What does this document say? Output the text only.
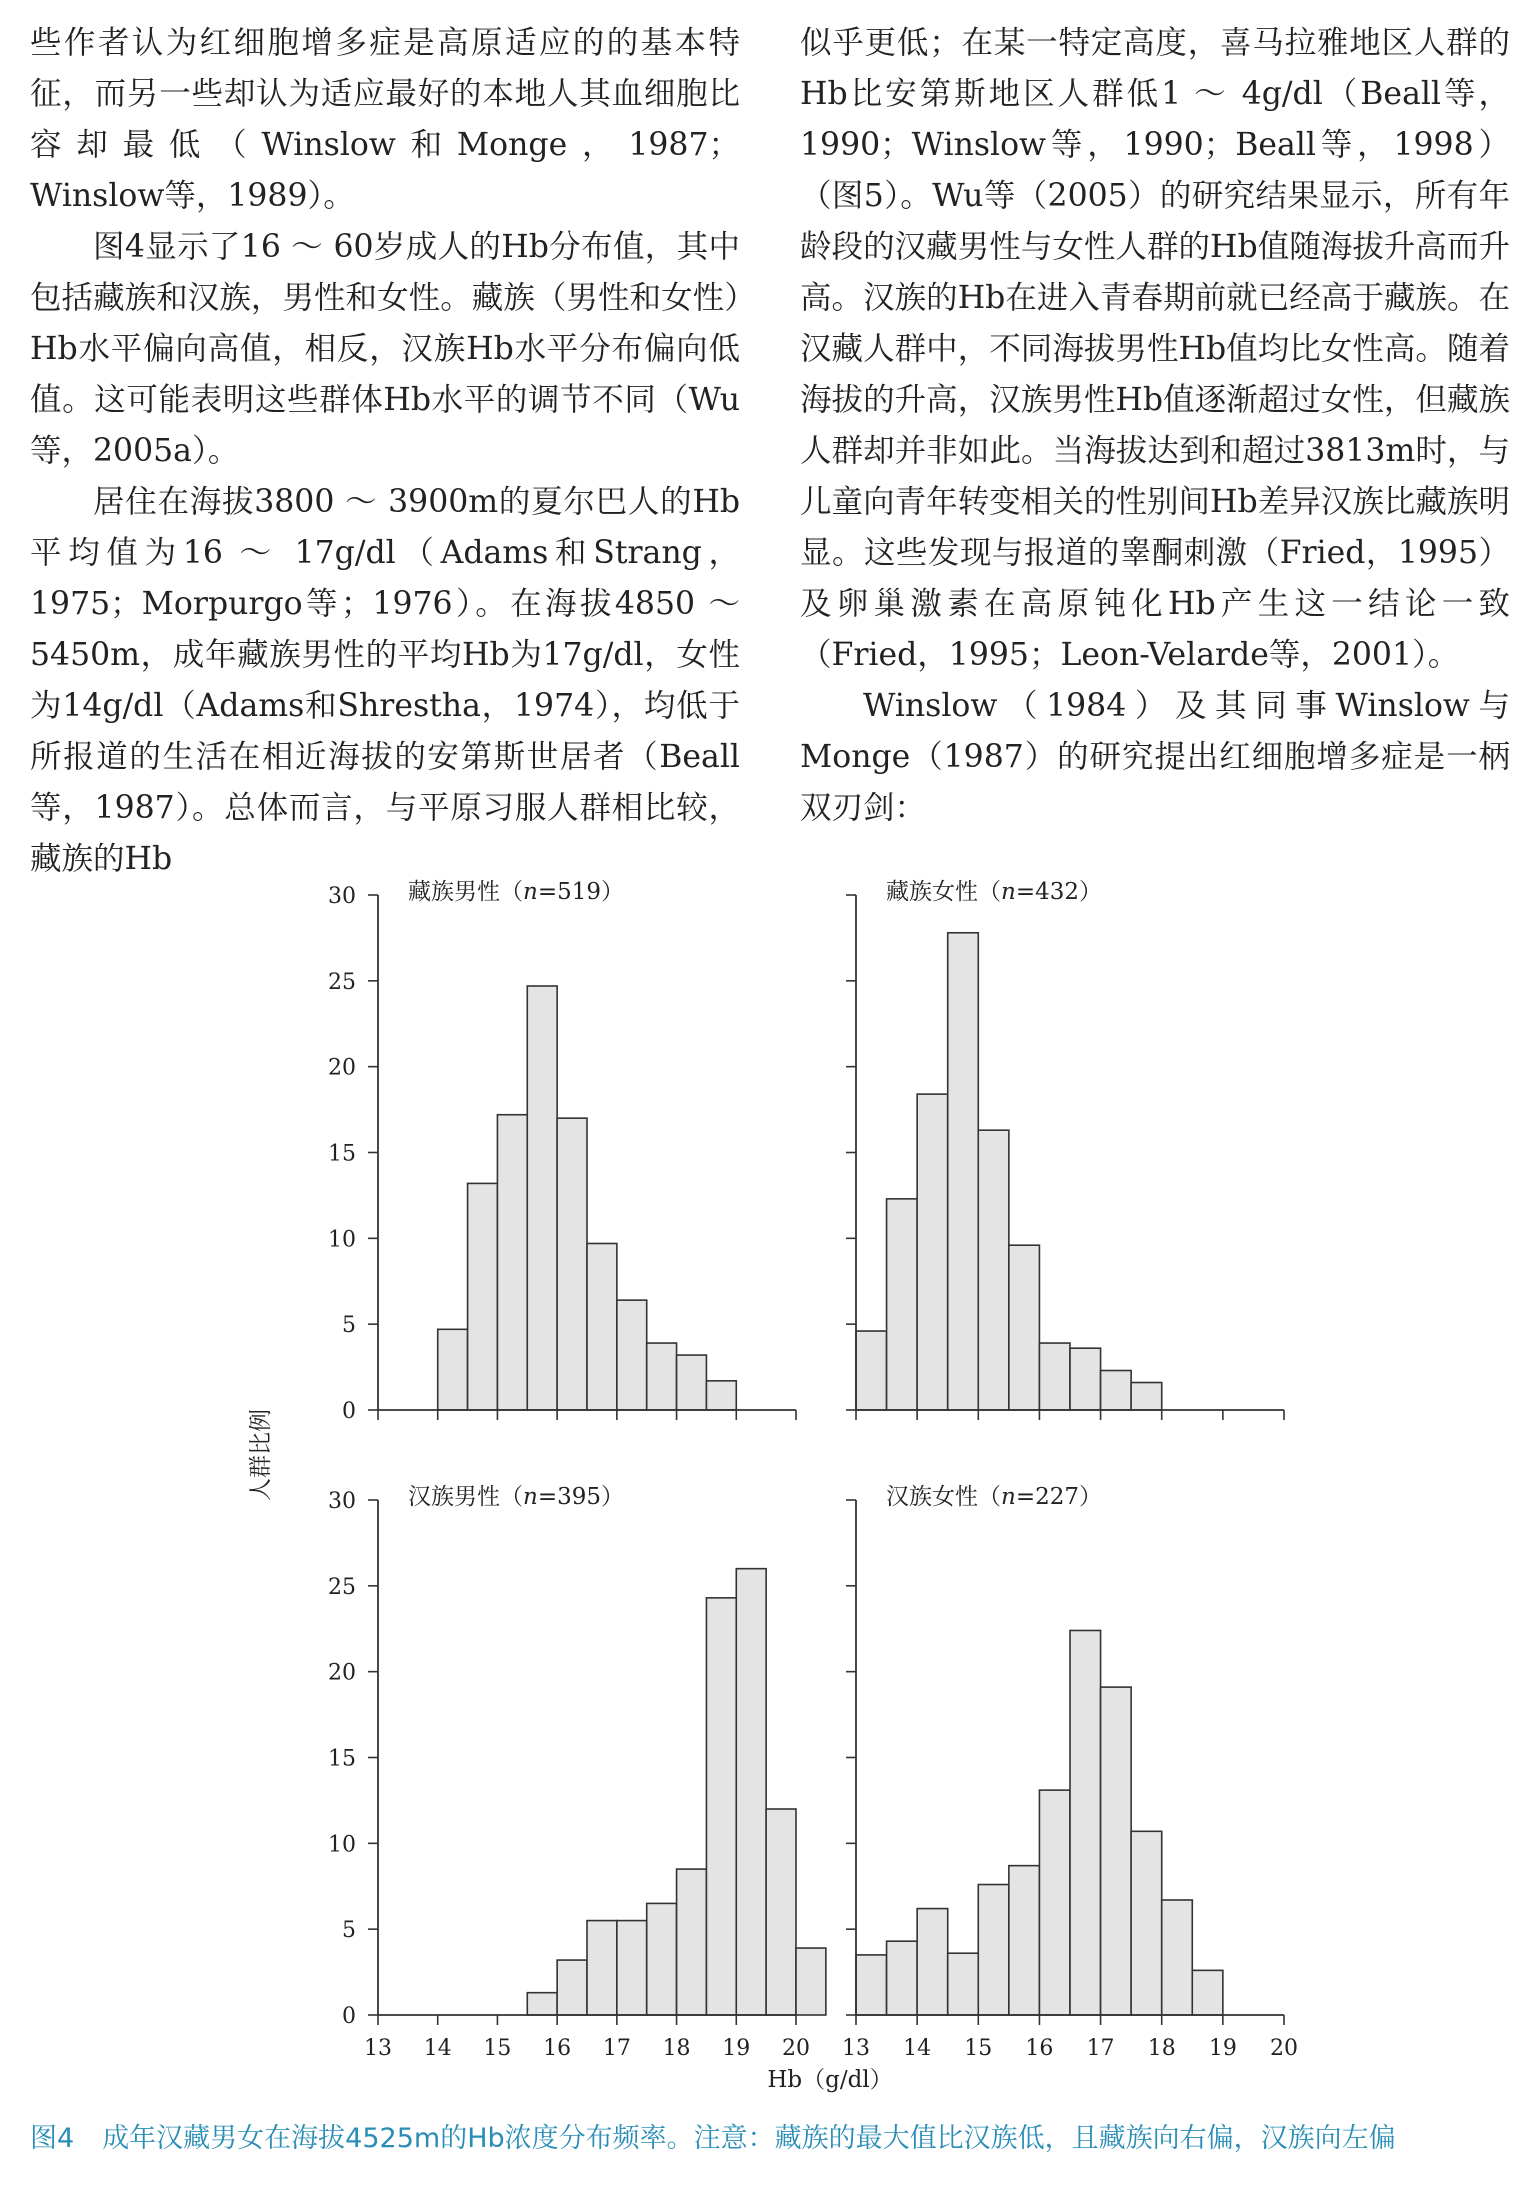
些作者认为红细胞增多症是高原适应的的基本特征，而另一些却认为适应最好的本地人其血细胞比容却最低（Winslow和Monge，1987；Winslow等，1989）。

图4显示了16 ～ 60岁成人的Hb分布值，其中包括藏族和汉族，男性和女性。藏族（男性和女性）Hb水平偏向高值，相反，汉族Hb水平分布偏向低值。这可能表明这些群体Hb水平的调节不同（Wu等，2005a）。

居住在海拔3800 ～ 3900m的夏尔巴人的Hb平均值为16 ～ 17g/dl（Adams和Strang，1975；Morpurgo等；1976）。在海拔4850 ～ 5450m，成年藏族男性的平均Hb为17g/dl，女性为14g/dl（Adams和Shrestha，1974），均低于所报道的生活在相近海拔的安第斯世居者（Beall等，1987）。总体而言，与平原习服人群相比较，藏族的Hb

似乎更低；在某一特定高度，喜马拉雅地区人群的Hb比安第斯地区人群低1 ～ 4g/dl（Beall等，1990；Winslow等，1990；Beall等，1998）（图5）。Wu等（2005）的研究结果显示，所有年龄段的汉藏男性与女性人群的Hb值随海拔升高而升高。汉族的Hb在进入青春期前就已经高于藏族。在汉藏人群中，不同海拔男性Hb值均比女性高。随着海拔的升高，汉族男性Hb值逐渐超过女性，但藏族人群却并非如此。当海拔达到和超过3813m时，与儿童向青年转变相关的性别间Hb差异汉族比藏族明显。这些发现与报道的睾酮刺激（Fried，1995）及卵巢激素在高原钝化Hb产生这一结论一致（Fried，1995；Leon-Velarde等，2001）。

Winslow（1984）及其同事Winslow与Monge（1987）的研究提出红细胞增多症是一柄双刃剑：

0
5
10
15
20
25
30 藏族男性（n=519）	藏族女性（n=432）
0
5
10
15
20
25
30
13 14 15 16 17 18 19 20
汉族男性（n=395）
13 14 15 16 17 18 19 20
汉族女性（n=227）
人群比例
Hb（g/dl）

图4 成年汉藏男女在海拔4525m的Hb浓度分布频率。注意：藏族的最大值比汉族低，且藏族向右偏，汉族向左偏
